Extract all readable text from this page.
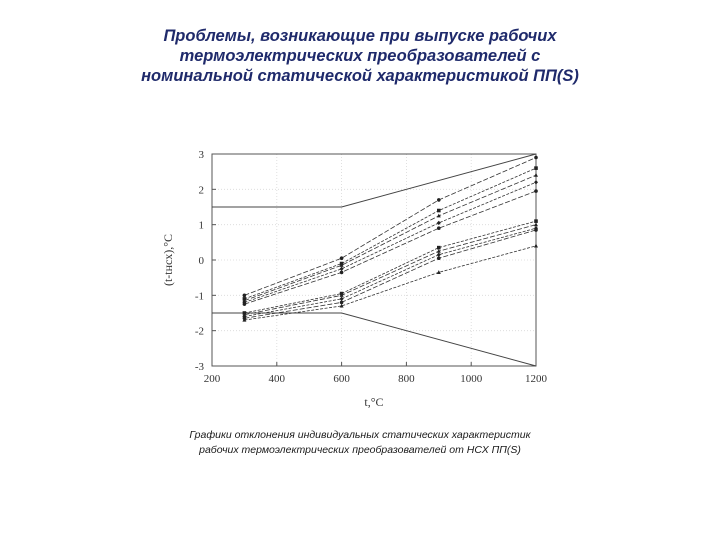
Проблемы, возникающие при выпуске рабочих
термоэлектрических преобразователей с
номинальной статической характеристикой ПП(S)
200	400	600	800	1000	1200
-3
-2
-1
0
1
2
3
t,°C
(t-tнсх),°C
Графики отклонения индивидуальных статических характеристик
рабочих термоэлектрических преобразователей от НСХ ПП(S)
